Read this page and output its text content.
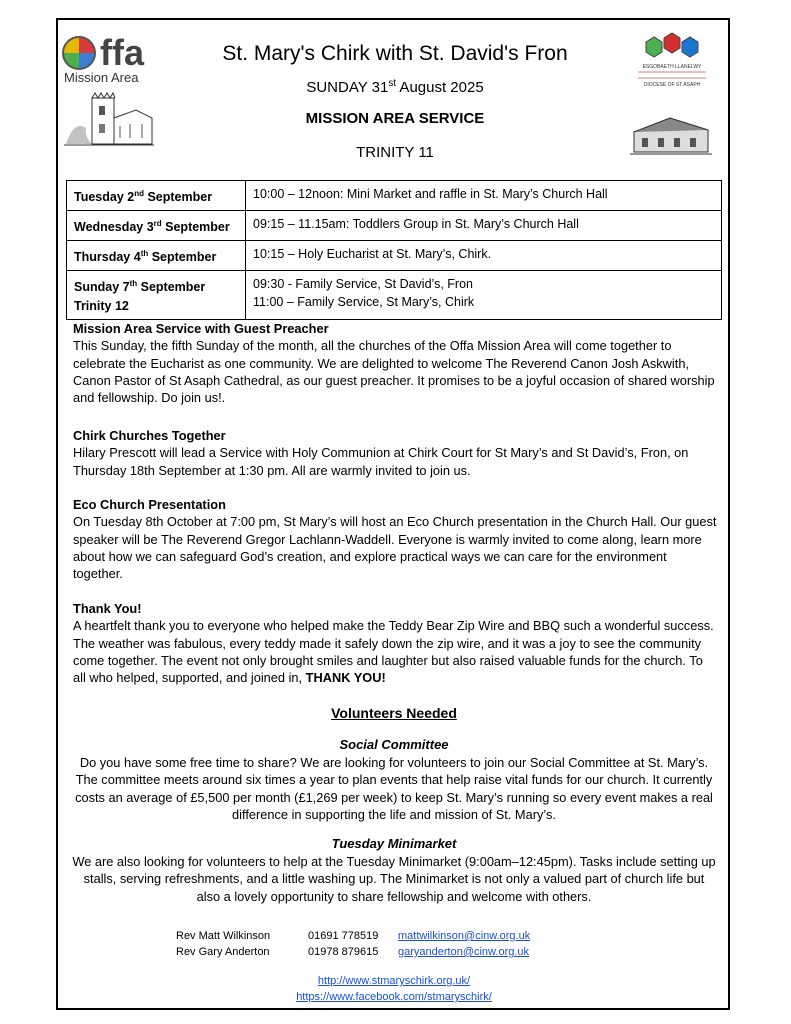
ffa
Mission Area
ESGOBAETH LLANELWY
DIOCESE OF ST ASAPH
St. Mary's Chirk with St. David's Fron
SUNDAY 31st August 2025
MISSION AREA SERVICE
TRINITY 11
Tuesday 2nd September	10:00 – 12noon: Mini Market and raffle in St. Mary’s Church Hall
Wednesday 3rd September	09:15 – 11.15am: Toddlers Group in St. Mary’s Church Hall
Thursday 4th September	10:15 – Holy Eucharist at St. Mary’s, Chirk.
Sunday 7th September
Trinity 12	09:30 - Family Service, St David’s, Fron
11:00 – Family Service, St Mary’s, Chirk
Mission Area Service with Guest Preacher
This Sunday, the fifth Sunday of the month, all the churches of the Offa Mission Area will come together to celebrate the Eucharist as one community. We are delighted to welcome The Reverend Canon Josh Askwith, Canon Pastor of St Asaph Cathedral, as our guest preacher. It promises to be a joyful occasion of shared worship and fellowship. Do join us!.
Chirk Churches Together
Hilary Prescott will lead a Service with Holy Communion at Chirk Court for St Mary’s and St David’s, Fron, on Thursday 18th September at 1:30 pm. All are warmly invited to join us.
Eco Church Presentation
On Tuesday 8th October at 7:00 pm, St Mary’s will host an Eco Church presentation in the Church Hall. Our guest speaker will be The Reverend Gregor Lachlann-Waddell. Everyone is warmly invited to come along, learn more about how we can safeguard God’s creation, and explore practical ways we can care for the environment together.
Thank You!
A heartfelt thank you to everyone who helped make the Teddy Bear Zip Wire and BBQ such a wonderful success. The weather was fabulous, every teddy made it safely down the zip wire, and it was a joy to see the community come together. The event not only brought smiles and laughter but also raised valuable funds for the church. To all who helped, supported, and joined in, THANK YOU!
Volunteers Needed
Social Committee
Do you have some free time to share? We are looking for volunteers to join our Social Committee at St. Mary’s. The committee meets around six times a year to plan events that help raise vital funds for our church. It currently costs an average of £5,500 per month (£1,269 per week) to keep St. Mary’s running so every event makes a real difference in supporting the life and mission of St. Mary’s.
Tuesday Minimarket
We are also looking for volunteers to help at the Tuesday Minimarket (9:00am–12:45pm). Tasks include setting up stalls, serving refreshments, and a little washing up. The Minimarket is not only a valued part of church life but also a lovely opportunity to share fellowship and welcome with others.
Rev Matt Wilkinson	01691 778519 mattwilkinson@cinw.org.uk
Rev Gary Anderton	01978 879615 garyanderton@cinw.org.uk
http://www.stmaryschirk.org.uk/
https://www.facebook.com/stmaryschirk/
